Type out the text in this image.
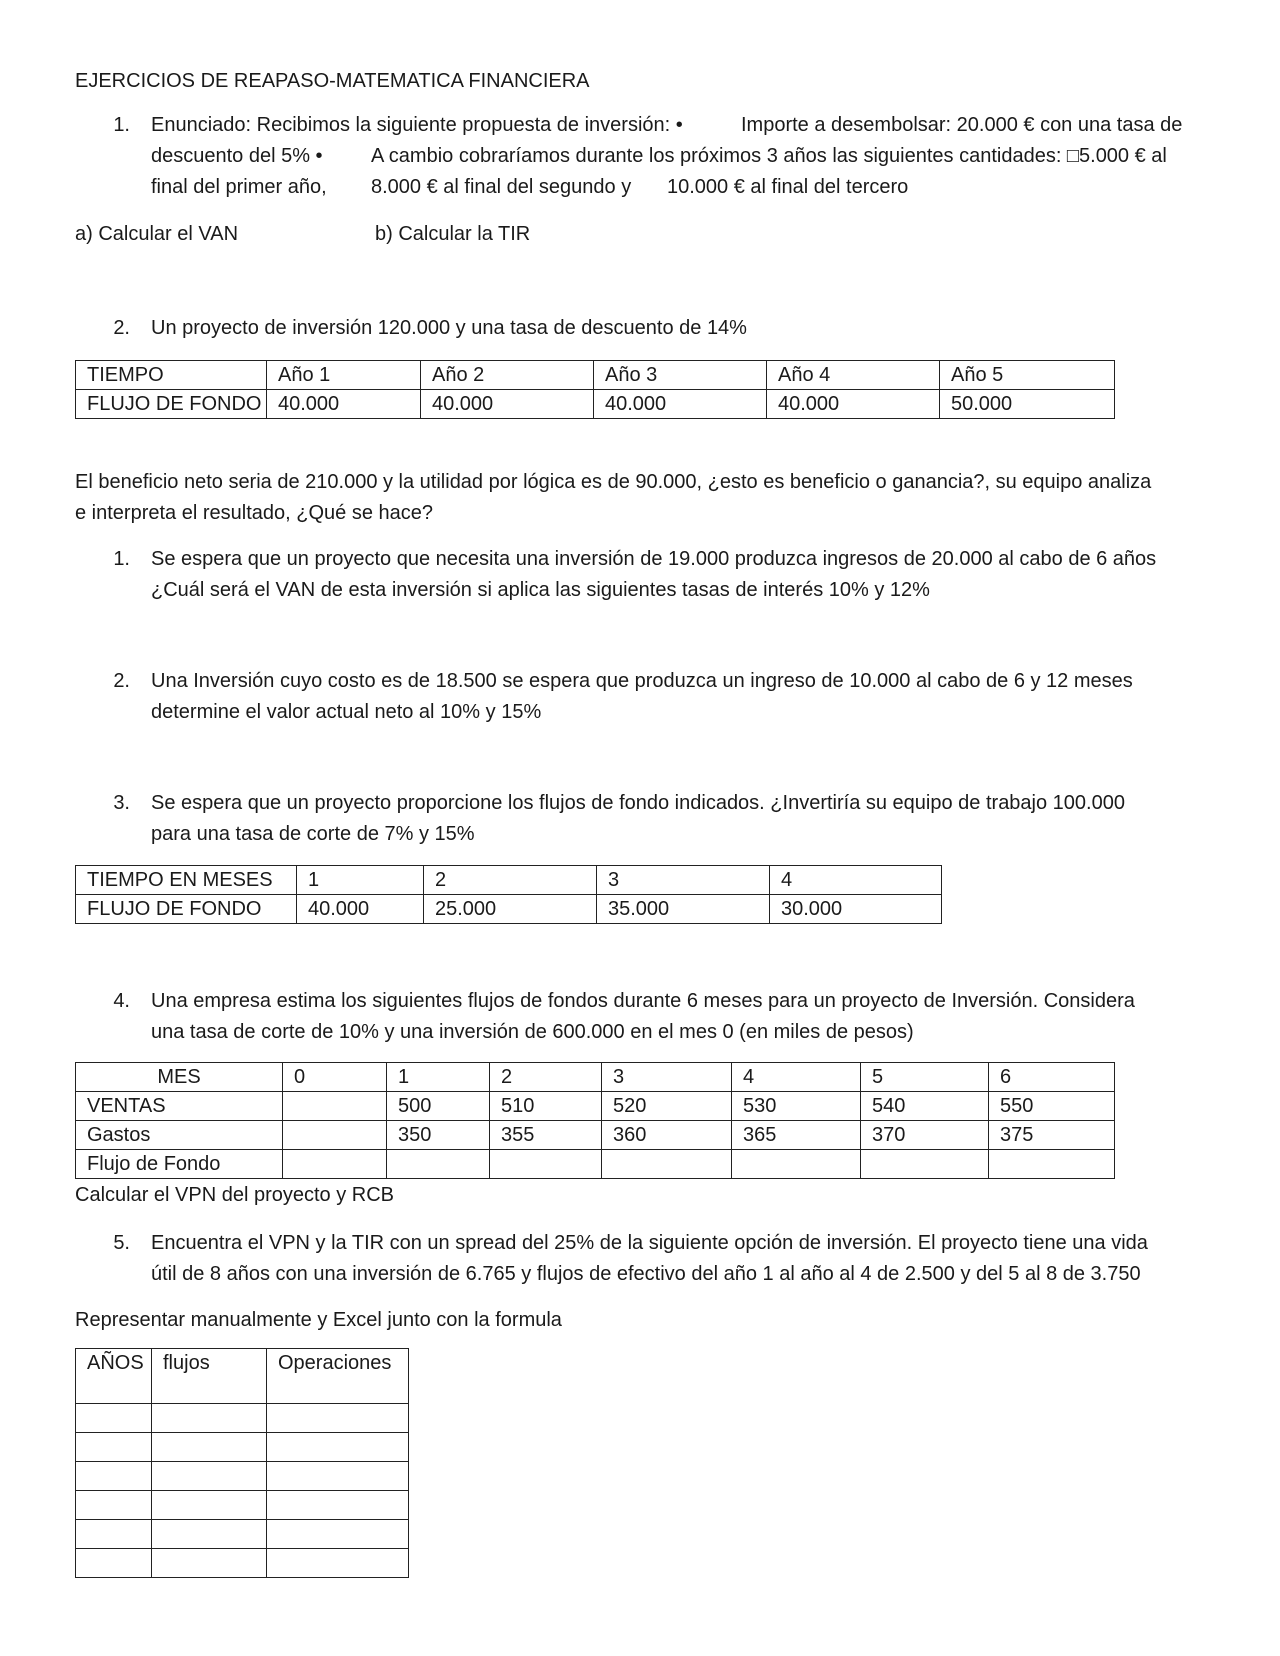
EJERCICIOS DE REAPASO-MATEMATICA FINANCIERA
1. Enunciado: Recibimos la siguiente propuesta de inversión: •	Importe a desembolsar: 20.000 € con una tasa de
descuento del 5% • A cambio cobraríamos durante los próximos 3 años las siguientes cantidades: □5.000 € al
final del primer año, 8.000 € al final del segundo y 10.000 € al final del tercero
a) Calcular el VAN	b) Calcular la TIR
2. Un proyecto de inversión 120.000 y una tasa de descuento de 14%
TIEMPO	Año 1	Año 2	Año 3	Año 4	Año 5
FLUJO DE FONDO	40.000	40.000	40.000	40.000	50.000
El beneficio neto seria de 210.000 y la utilidad por lógica es de 90.000, ¿esto es beneficio o ganancia?, su equipo analiza
e interpreta el resultado, ¿Qué se hace?
1. Se espera que un proyecto que necesita una inversión de 19.000 produzca ingresos de 20.000 al cabo de 6 años
¿Cuál será el VAN de esta inversión si aplica las siguientes tasas de interés 10% y 12%
2. Una Inversión cuyo costo es de 18.500 se espera que produzca un ingreso de 10.000 al cabo de 6 y 12 meses
determine el valor actual neto al 10% y 15%
3. Se espera que un proyecto proporcione los flujos de fondo indicados. ¿Invertiría su equipo de trabajo 100.000
para una tasa de corte de 7% y 15%
TIEMPO EN MESES	1	2	3	4
FLUJO DE FONDO	40.000	25.000	35.000	30.000
4. Una empresa estima los siguientes flujos de fondos durante 6 meses para un proyecto de Inversión. Considera
una tasa de corte de 10% y una inversión de 600.000 en el mes 0 (en miles de pesos)
MES	0	1	2	3	4	5	6
VENTAS		500	510	520	530	540	550
Gastos		350	355	360	365	370	375
Flujo de Fondo							
Calcular el VPN del proyecto y RCB
5. Encuentra el VPN y la TIR con un spread del 25% de la siguiente opción de inversión. El proyecto tiene una vida
útil de 8 años con una inversión de 6.765 y flujos de efectivo del año 1 al año al 4 de 2.500 y del 5 al 8 de 3.750
Representar manualmente y Excel junto con la formula
AÑOS	flujos	Operaciones
